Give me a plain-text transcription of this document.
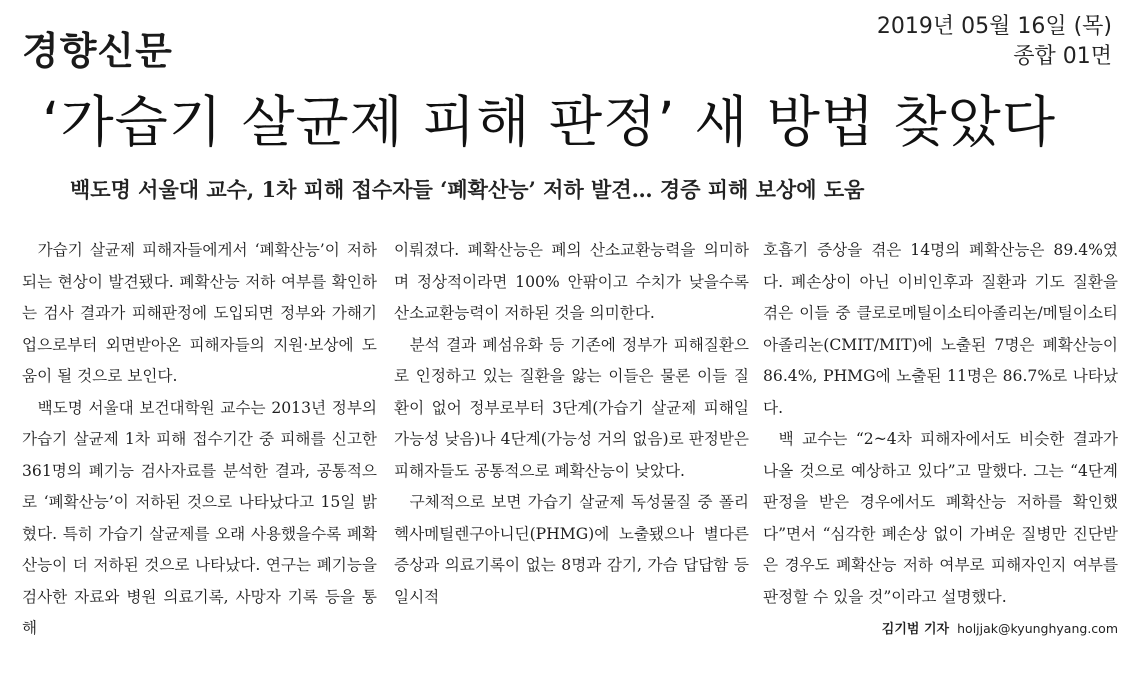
경향신문
2019년 05월 16일 (목)
종합 01면
‘가습기 살균제 피해 판정’ 새 방법 찾았다
백도명 서울대 교수, 1차 피해 접수자들 ‘폐확산능’ 저하 발견… 경증 피해 보상에 도움

가습기 살균제 피해자들에게서 ‘폐확산능’이 저하되는 현상이 발견됐다. 폐확산능 저하 여부를 확인하는 검사 결과가 피해판정에 도입되면 정부와 가해기업으로부터 외면받아온 피해자들의 지원·보상에 도움이 될 것으로 보인다.

백도명 서울대 보건대학원 교수는 2013년 정부의 가습기 살균제 1차 피해 접수기간 중 피해를 신고한 361명의 폐기능 검사자료를 분석한 결과, 공통적으로 ‘폐확산능’이 저하된 것으로 나타났다고 15일 밝혔다. 특히 가습기 살균제를 오래 사용했을수록 폐확산능이 더 저하된 것으로 나타났다. 연구는 폐기능을 검사한 자료와 병원 의료기록, 사망자 기록 등을 통해

이뤄졌다. 폐확산능은 폐의 산소교환능력을 의미하며 정상적이라면 100% 안팎이고 수치가 낮을수록 산소교환능력이 저하된 것을 의미한다.

분석 결과 폐섬유화 등 기존에 정부가 피해질환으로 인정하고 있는 질환을 앓는 이들은 물론 이들 질환이 없어 정부로부터 3단계(가습기 살균제 피해일 가능성 낮음)나 4단계(가능성 거의 없음)로 판정받은 피해자들도 공통적으로 폐확산능이 낮았다.

구체적으로 보면 가습기 살균제 독성물질 중 폴리헥사메틸렌구아니딘(PHMG)에 노출됐으나 별다른 증상과 의료기록이 없는 8명과 감기, 가슴 답답함 등 일시적

호흡기 증상을 겪은 14명의 폐확산능은 89.4%였다. 폐손상이 아닌 이비인후과 질환과 기도 질환을 겪은 이들 중 클로로메틸이소티아졸리논/메틸이소티아졸리논(CMIT/MIT)에 노출된 7명은 폐확산능이 86.4%, PHMG에 노출된 11명은 86.7%로 나타났다.

백 교수는 “2~4차 피해자에서도 비슷한 결과가 나올 것으로 예상하고 있다”고 말했다. 그는 “4단계 판정을 받은 경우에서도 폐확산능 저하를 확인했다”면서 “심각한 폐손상 없이 가벼운 질병만 진단받은 경우도 폐확산능 저하 여부로 피해자인지 여부를 판정할 수 있을 것”이라고 설명했다.

김기범 기자 holjjak@kyunghyang.com
